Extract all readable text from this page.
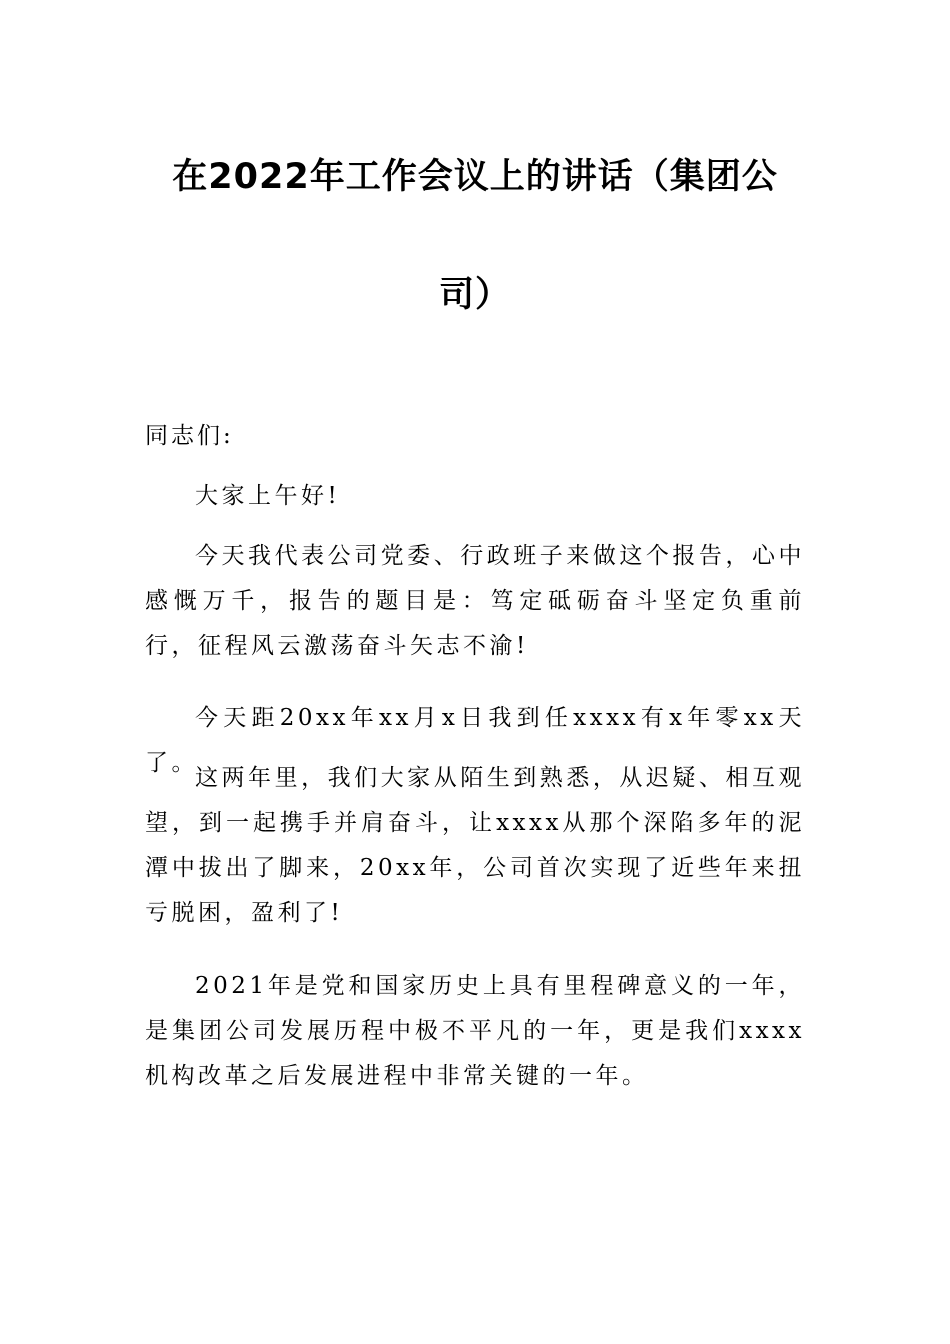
在2022年工作会议上的讲话（集团公
司）

同志们:

大家上午好!

今天我代表公司党委、行政班子来做这个报告，心中感慨万千，报告的题目是：笃定砥砺奋斗坚定负重前行，征程风云激荡奋斗矢志不渝!

今天距20xx年xx月x日我到任xxxx有x年零xx天了。

这两年里，我们大家从陌生到熟悉，从迟疑、相互观望，到一起携手并肩奋斗，让xxxx从那个深陷多年的泥潭中拔出了脚来，20xx年，公司首次实现了近些年来扭亏脱困，盈利了!

2021年是党和国家历史上具有里程碑意义的一年，是集团公司发展历程中极不平凡的一年，更是我们xxxx机构改革之后发展进程中非常关键的一年。
